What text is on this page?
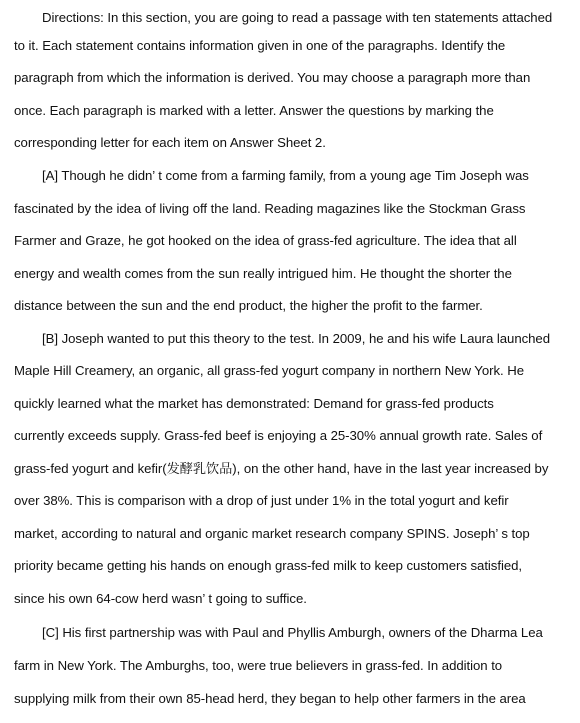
Directions: In this section, you are going to read a passage with ten statements attached
to it. Each statement contains information given in one of the paragraphs. Identify the
paragraph from which the information is derived. You may choose a paragraph more than
once. Each paragraph is marked with a letter. Answer the questions by marking the
corresponding letter for each item on Answer Sheet 2.
[A] Though he didn’ t come from a farming family, from a young age Tim Joseph was
fascinated by the idea of living off the land. Reading magazines like the Stockman Grass
Farmer and Graze, he got hooked on the idea of grass-fed agriculture. The idea that all
energy and wealth comes from the sun really intrigued him. He thought the shorter the
distance between the sun and the end product, the higher the profit to the farmer.
[B] Joseph wanted to put this theory to the test. In 2009, he and his wife Laura launched
Maple Hill Creamery, an organic, all grass-fed yogurt company in northern New York. He
quickly learned what the market has demonstrated: Demand for grass-fed products
currently exceeds supply. Grass-fed beef is enjoying a 25-30% annual growth rate. Sales of
grass-fed yogurt and kefir(发酵乳饮品), on the other hand, have in the last year increased by
over 38%. This is comparison with a drop of just under 1% in the total yogurt and kefir
market, according to natural and organic market research company SPINS. Joseph’ s top
priority became getting his hands on enough grass-fed milk to keep customers satisfied,
since his own 64-cow herd wasn’ t going to suffice.
[C] His first partnership was with Paul and Phyllis Amburgh, owners of the Dharma Lea
farm in New York. The Amburghs, too, were true believers in grass-fed. In addition to
supplying milk from their own 85-head herd, they began to help other farmers in the area
